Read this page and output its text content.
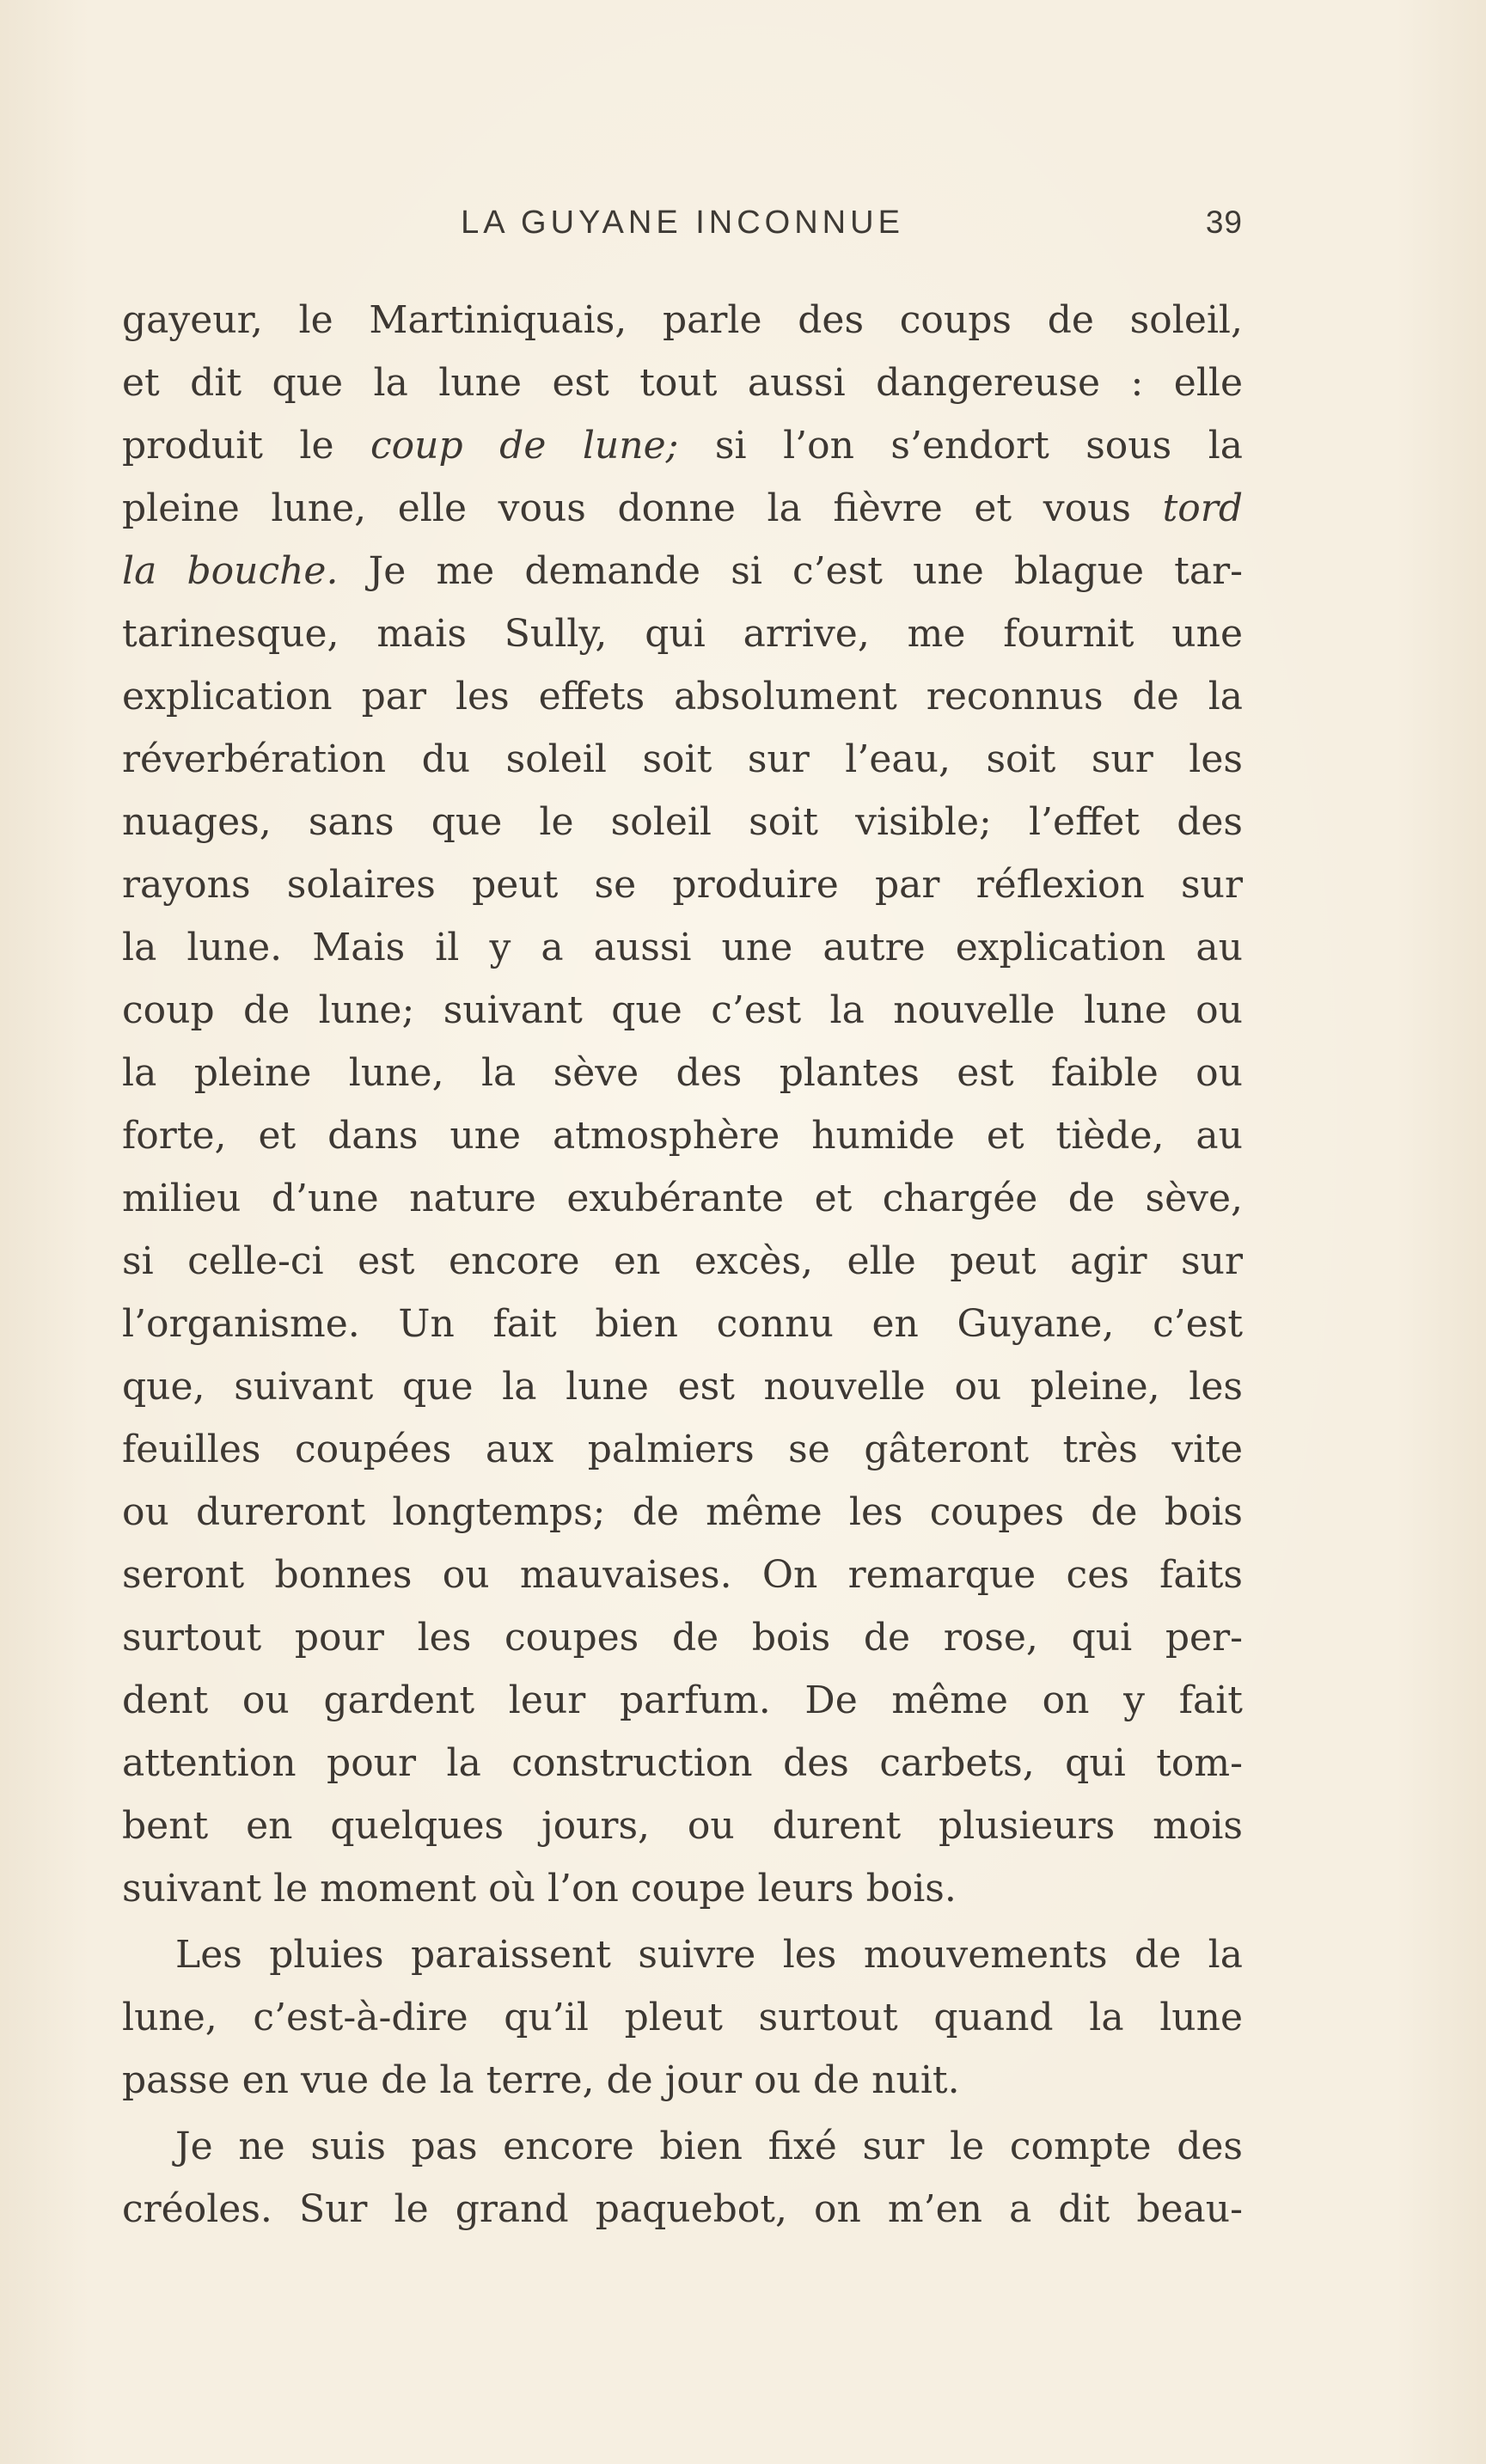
LA GUYANE INCONNUE	39
gayeur, le Martiniquais, parle des coups de soleil,
et dit que la lune est tout aussi dangereuse : elle
produit le coup de lune; si l’on s’endort sous la
pleine lune, elle vous donne la fièvre et vous tord
la bouche. Je me demande si c’est une blague tar-
tarinesque, mais Sully, qui arrive, me fournit une
explication par les effets absolument reconnus de la
réverbération du soleil soit sur l’eau, soit sur les
nuages, sans que le soleil soit visible; l’effet des
rayons solaires peut se produire par réflexion sur
la lune. Mais il y a aussi une autre explication au
coup de lune; suivant que c’est la nouvelle lune ou
la pleine lune, la sève des plantes est faible ou
forte, et dans une atmosphère humide et tiède, au
milieu d’une nature exubérante et chargée de sève,
si celle-ci est encore en excès, elle peut agir sur
l’organisme. Un fait bien connu en Guyane, c’est
que, suivant que la lune est nouvelle ou pleine, les
feuilles coupées aux palmiers se gâteront très vite
ou dureront longtemps; de même les coupes de bois
seront bonnes ou mauvaises. On remarque ces faits
surtout pour les coupes de bois de rose, qui per-
dent ou gardent leur parfum. De même on y fait
attention pour la construction des carbets, qui tom-
bent en quelques jours, ou durent plusieurs mois
suivant le moment où l’on coupe leurs bois.
Les pluies paraissent suivre les mouvements de la
lune, c’est-à-dire qu’il pleut surtout quand la lune
passe en vue de la terre, de jour ou de nuit.
Je ne suis pas encore bien fixé sur le compte des
créoles. Sur le grand paquebot, on m’en a dit beau-
